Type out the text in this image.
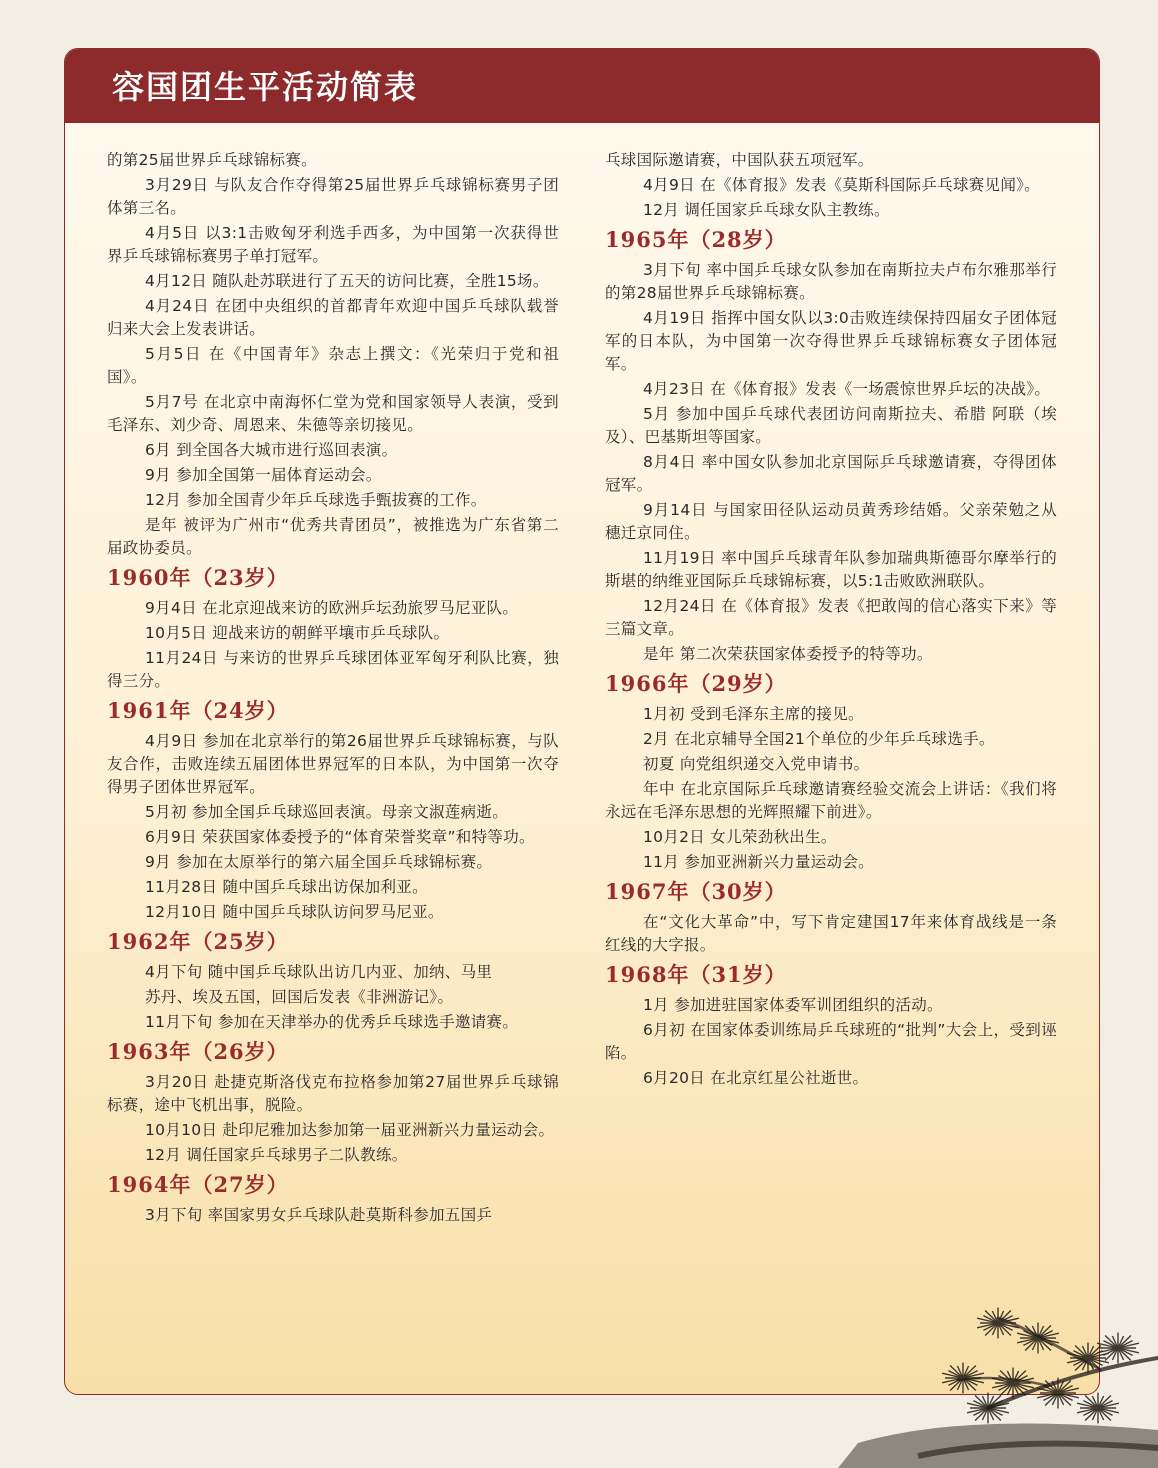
容国团生平活动简表

的第25届世界乒乓球锦标赛。

3月29日 与队友合作夺得第25届世界乒乓球锦标赛男子团体第三名。

4月5日 以3:1击败匈牙利选手西多，为中国第一次获得世界乒乓球锦标赛男子单打冠军。

4月12日 随队赴苏联进行了五天的访问比赛，全胜15场。

4月24日 在团中央组织的首都青年欢迎中国乒乓球队载誉归来大会上发表讲话。

5月5日 在《中国青年》杂志上撰文：《光荣归于党和祖国》。

5月7号 在北京中南海怀仁堂为党和国家领导人表演，受到毛泽东、刘少奇、周恩来、朱德等亲切接见。

6月 到全国各大城市进行巡回表演。

9月 参加全国第一届体育运动会。

12月 参加全国青少年乒乓球选手甄拔赛的工作。

是年 被评为广州市“优秀共青团员”，被推选为广东省第二届政协委员。

1960年（23岁）

9月4日 在北京迎战来访的欧洲乒坛劲旅罗马尼亚队。

10月5日 迎战来访的朝鲜平壤市乒乓球队。

11月24日 与来访的世界乒乓球团体亚军匈牙利队比赛，独得三分。

1961年（24岁）

4月9日 参加在北京举行的第26届世界乒乓球锦标赛，与队友合作，击败连续五届团体世界冠军的日本队，为中国第一次夺得男子团体世界冠军。

5月初 参加全国乒乓球巡回表演。母亲文淑莲病逝。

6月9日 荣获国家体委授予的“体育荣誉奖章”和特等功。

9月 参加在太原举行的第六届全国乒乓球锦标赛。

11月28日 随中国乒乓球出访保加利亚。

12月10日 随中国乒乓球队访问罗马尼亚。

1962年（25岁）

4月下旬 随中国乒乓球队出访几内亚、加纳、马里

苏丹、埃及五国，回国后发表《非洲游记》。

11月下旬 参加在天津举办的优秀乒乓球选手邀请赛。

1963年（26岁）

3月20日 赴捷克斯洛伐克布拉格参加第27届世界乒乓球锦标赛，途中飞机出事，脱险。

10月10日 赴印尼雅加达参加第一届亚洲新兴力量运动会。

12月 调任国家乒乓球男子二队教练。

1964年（27岁）

3月下旬 率国家男女乒乓球队赴莫斯科参加五国乒

乓球国际邀请赛，中国队获五项冠军。

4月9日 在《体育报》发表《莫斯科国际乒乓球赛见闻》。

12月 调任国家乒乓球女队主教练。

1965年（28岁）

3月下旬 率中国乒乓球女队参加在南斯拉夫卢布尔雅那举行的第28届世界乒乓球锦标赛。

4月19日 指挥中国女队以3:0击败连续保持四届女子团体冠军的日本队，为中国第一次夺得世界乒乓球锦标赛女子团体冠军。

4月23日 在《体育报》发表《一场震惊世界乒坛的决战》。

5月 参加中国乒乓球代表团访问南斯拉夫、希腊 阿联（埃及）、巴基斯坦等国家。

8月4日 率中国女队参加北京国际乒乓球邀请赛，夺得团体冠军。

9月14日 与国家田径队运动员黄秀珍结婚。父亲荣勉之从穗迁京同住。

11月19日 率中国乒乓球青年队参加瑞典斯德哥尔摩举行的斯堪的纳维亚国际乒乓球锦标赛，以5:1击败欧洲联队。

12月24日 在《体育报》发表《把敢闯的信心落实下来》等三篇文章。

是年 第二次荣获国家体委授予的特等功。

1966年（29岁）

1月初 受到毛泽东主席的接见。

2月 在北京辅导全国21个单位的少年乒乓球选手。

初夏 向党组织递交入党申请书。

年中 在北京国际乒乓球邀请赛经验交流会上讲话：《我们将永远在毛泽东思想的光辉照耀下前进》。

10月2日 女儿荣劲秋出生。

11月 参加亚洲新兴力量运动会。

1967年（30岁）

在“文化大革命”中，写下肯定建国17年来体育战线是一条红线的大字报。

1968年（31岁）

1月 参加进驻国家体委军训团组织的活动。

6月初 在国家体委训练局乒乓球班的“批判”大会上，受到诬陷。

6月20日 在北京红星公社逝世。
